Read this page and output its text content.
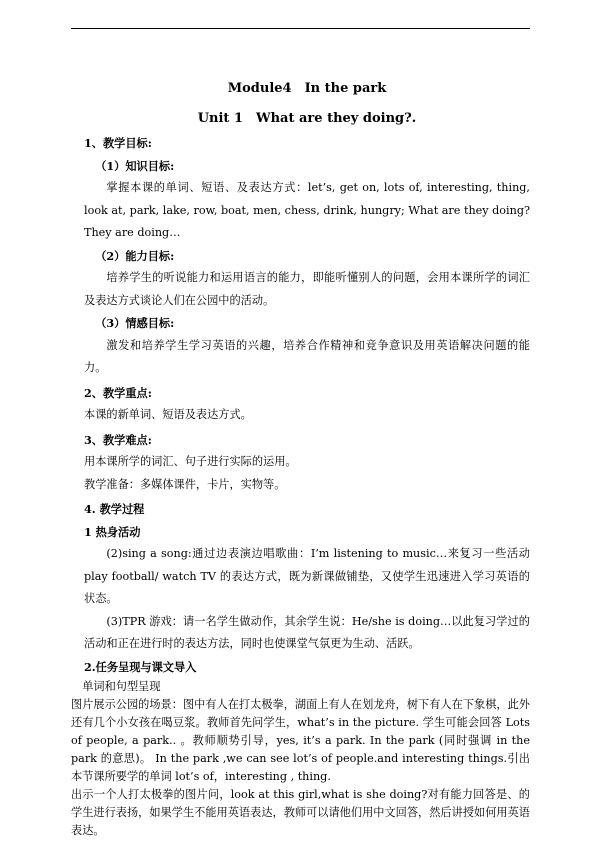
Module4　In the park
Unit 1　What are they doing?.

1、教学目标:

（1）知识目标:

掌握本课的单词、短语、及表达方式：let’s, get on, lots of, interesting, thing, look at, park, lake, row, boat, men, chess, drink, hungry; What are they doing? They are doing…

（2）能力目标:

培养学生的听说能力和运用语言的能力，即能听懂别人的问题，会用本课所学的词汇及表达方式谈论人们在公园中的活动。

（3）情感目标:

激发和培养学生学习英语的兴趣，培养合作精神和竞争意识及用英语解决问题的能力。

2、教学重点:

本课的新单词、短语及表达方式。

3、教学难点:

用本课所学的词汇、句子进行实际的运用。

教学准备：多媒体课件，卡片，实物等。

4. 教学过程

1 热身活动

(2)sing a song:通过边表演边唱歌曲：I’m listening to music…来复习一些活动 play football/ watch TV 的表达方式，既为新课做铺垫，又使学生迅速进入学习英语的状态。

(3)TPR 游戏：请一名学生做动作，其余学生说：He/she is doing…以此复习学过的活动和正在进行时的表达方法，同时也使课堂气氛更为生动、活跃。

2.任务呈现与课文导入

单词和句型呈现

图片展示公园的场景：图中有人在打太极拳，湖面上有人在划龙舟，树下有人在下象棋，此外还有几个小女孩在喝豆浆。教师首先问学生，what’s in the picture. 学生可能会回答 Lots of people, a park.. 。教师顺势引导，yes, it’s a park. In the park (同时强调 in the park 的意思)。 In the park ,we can see lot’s of people.and interesting things.引出本节课所要学的单词 lot’s of，interesting , thing.

出示一个人打太极拳的图片问，look at this girl,what is she doing?对有能力回答是、的学生进行表扬，如果学生不能用英语表达，教师可以请他们用中文回答，然后讲授如何用英语表达。
